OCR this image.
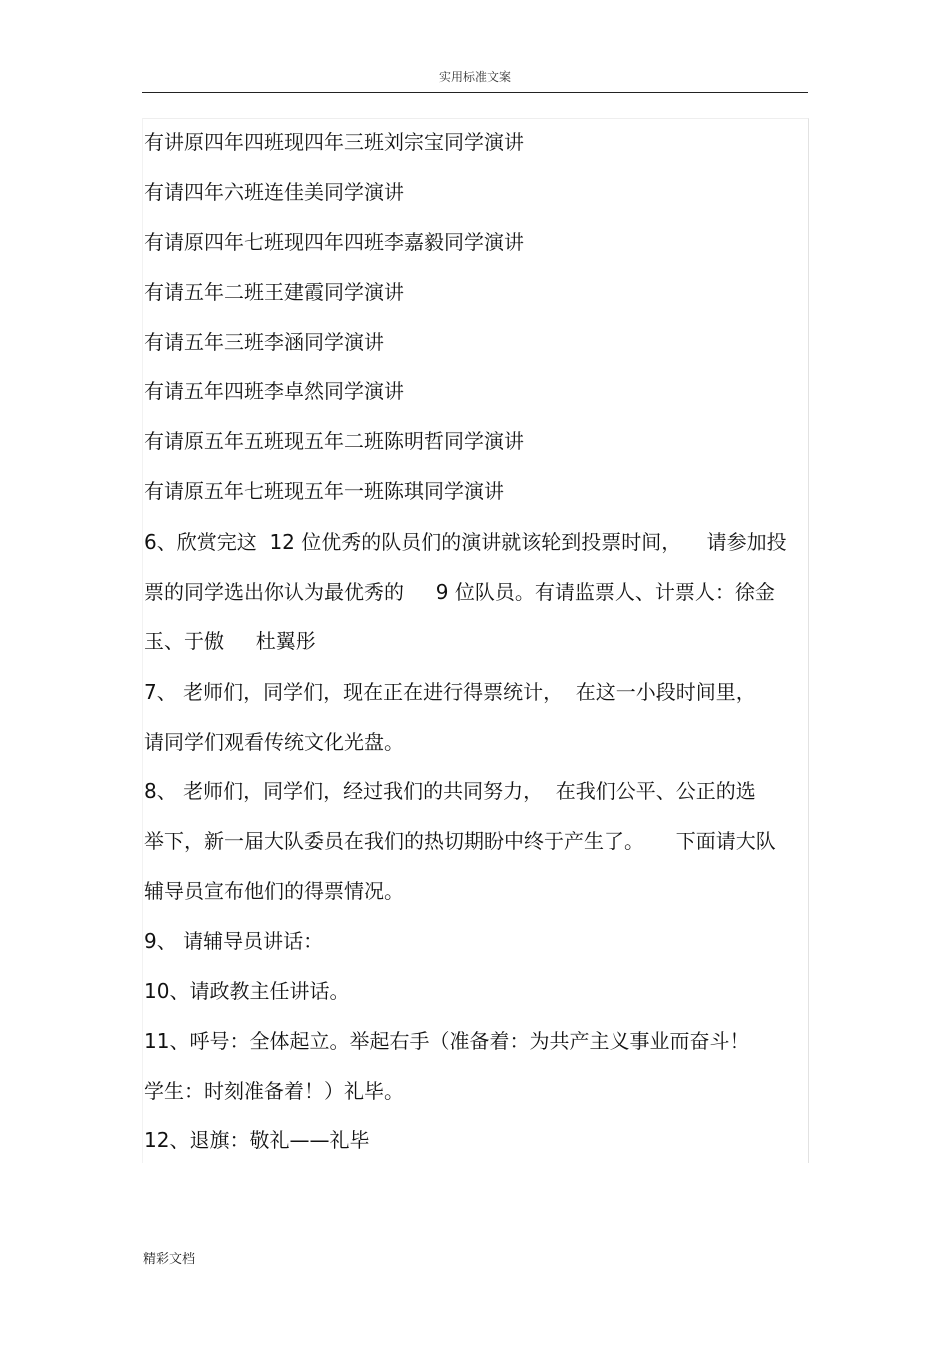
实用标准文案
有讲原四年四班现四年三班刘宗宝同学演讲
有请四年六班连佳美同学演讲
有请原四年七班现四年四班李嘉毅同学演讲
有请五年二班王建霞同学演讲
有请五年三班李涵同学演讲
有请五年四班李卓然同学演讲
有请原五年五班现五年二班陈明哲同学演讲
有请原五年七班现五年一班陈琪同学演讲
6、欣赏完这  12 位优秀的队员们的演讲就该轮到投票时间，    请参加投
票的同学选出你认为最优秀的     9 位队员。有请监票人、计票人：徐金
玉、于傲     杜翼彤
7、 老师们，同学们，现在正在进行得票统计，  在这一小段时间里，
请同学们观看传统文化光盘。
8、 老师们，同学们，经过我们的共同努力，  在我们公平、公正的选
举下，新一届大队委员在我们的热切期盼中终于产生了。     下面请大队
辅导员宣布他们的得票情况。
9、 请辅导员讲话：
10、请政教主任讲话。
11、呼号：全体起立。举起右手（准备着：为共产主义事业而奋斗！
学生：时刻准备着！）礼毕。
12、退旗：敬礼——礼毕
精彩文档
